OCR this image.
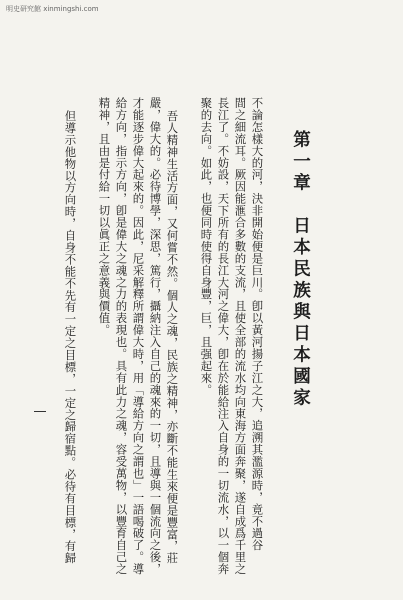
明史研究館 xinmingshi.com
第一章　日本民族與日本國家
不論怎樣大的河，決非開始便是巨川。卽以黃河揚子江之大，追溯其濫源時，竟不過谷
間之細流耳。厥因能滙合多數的支流，且使全部的流水均向東海方面奔聚，遂自成爲千里之
長江了。不妨設，天下所有的長江大河之偉大，卽在於能給注入自身的一切流水，以一個奔
聚的去向。如此，也便同時使得自身豐，巨，且强起來。
吾人精神生活方面，又何嘗不然。個人之魂，民族之精神，亦斷不能生來便是豐富，莊
嚴，偉大的。必待博學，深思，篤行，攝納注入自己的魂來的一切，且導與一個流向之後，
才能逐步偉大起來的。因此，尼采解釋所謂偉大時，用「導給方向之謂也」一語喝破了。導
給方向，指示方向，卽是偉大之魂之力的表現也。具有此力之魂，容受萬物，以豐育自己之
精神，且由是付給一切以眞正之意義與價值。
但導示他物以方向時，自身不能不先有一定之目標，一定之歸宿點。必待有目標，有歸
